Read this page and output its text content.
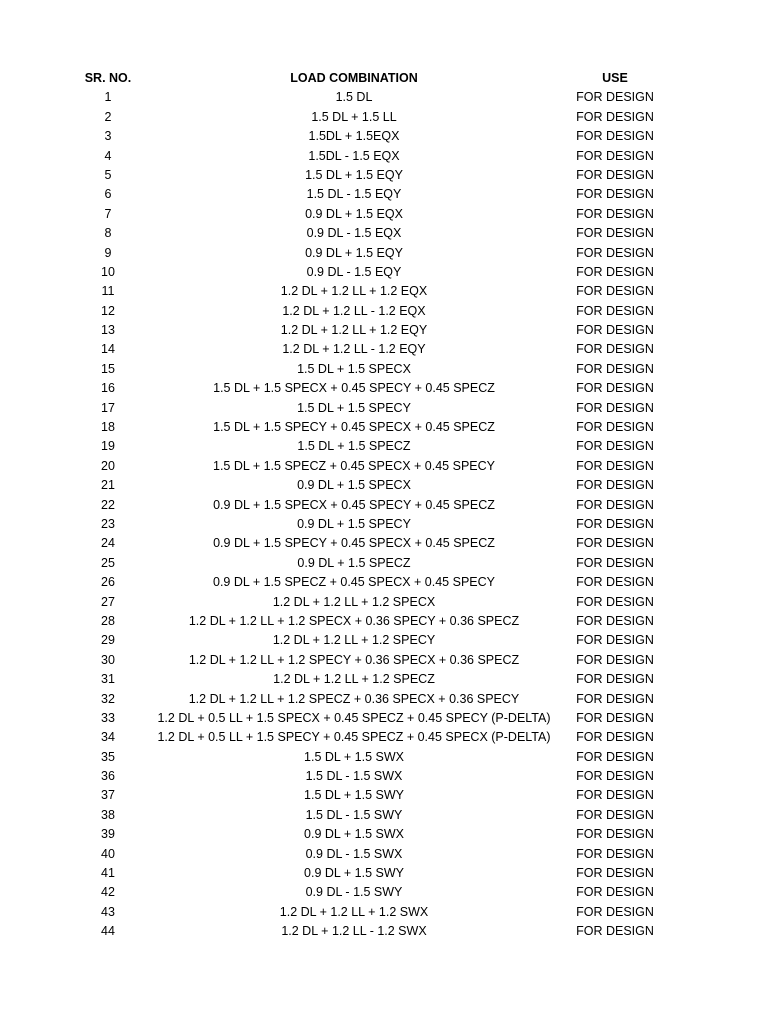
SR. NO.	LOAD COMBINATION	USE
1	1.5 DL	FOR DESIGN
2	1.5 DL + 1.5 LL	FOR DESIGN
3	1.5DL + 1.5EQX	FOR DESIGN
4	1.5DL - 1.5 EQX	FOR DESIGN
5	1.5 DL + 1.5 EQY	FOR DESIGN
6	1.5 DL - 1.5 EQY	FOR DESIGN
7	0.9 DL + 1.5 EQX	FOR DESIGN
8	0.9 DL - 1.5 EQX	FOR DESIGN
9	0.9 DL + 1.5 EQY	FOR DESIGN
10	0.9 DL - 1.5 EQY	FOR DESIGN
11	1.2 DL + 1.2 LL + 1.2 EQX	FOR DESIGN
12	1.2 DL + 1.2 LL - 1.2 EQX	FOR DESIGN
13	1.2 DL + 1.2 LL + 1.2 EQY	FOR DESIGN
14	1.2 DL + 1.2 LL - 1.2 EQY	FOR DESIGN
15	1.5 DL + 1.5 SPECX	FOR DESIGN
16	1.5 DL + 1.5 SPECX + 0.45 SPECY + 0.45 SPECZ	FOR DESIGN
17	1.5 DL + 1.5 SPECY	FOR DESIGN
18	1.5 DL + 1.5 SPECY + 0.45 SPECX + 0.45 SPECZ	FOR DESIGN
19	1.5 DL + 1.5 SPECZ	FOR DESIGN
20	1.5 DL + 1.5 SPECZ + 0.45 SPECX + 0.45 SPECY	FOR DESIGN
21	0.9 DL + 1.5 SPECX	FOR DESIGN
22	0.9 DL + 1.5 SPECX + 0.45 SPECY + 0.45 SPECZ	FOR DESIGN
23	0.9 DL + 1.5 SPECY	FOR DESIGN
24	0.9 DL + 1.5 SPECY + 0.45 SPECX + 0.45 SPECZ	FOR DESIGN
25	0.9 DL + 1.5 SPECZ	FOR DESIGN
26	0.9 DL + 1.5 SPECZ + 0.45 SPECX + 0.45 SPECY	FOR DESIGN
27	1.2 DL + 1.2 LL + 1.2 SPECX	FOR DESIGN
28	1.2 DL + 1.2 LL + 1.2 SPECX + 0.36 SPECY + 0.36 SPECZ	FOR DESIGN
29	1.2 DL + 1.2 LL + 1.2 SPECY	FOR DESIGN
30	1.2 DL + 1.2 LL + 1.2 SPECY + 0.36 SPECX + 0.36 SPECZ	FOR DESIGN
31	1.2 DL + 1.2 LL + 1.2 SPECZ	FOR DESIGN
32	1.2 DL + 1.2 LL + 1.2 SPECZ + 0.36 SPECX + 0.36 SPECY	FOR DESIGN
33	1.2 DL + 0.5 LL + 1.5 SPECX + 0.45 SPECZ + 0.45 SPECY (P-DELTA)	FOR DESIGN
34	1.2 DL + 0.5 LL + 1.5 SPECY + 0.45 SPECZ + 0.45 SPECX (P-DELTA)	FOR DESIGN
35	1.5 DL + 1.5 SWX	FOR DESIGN
36	1.5 DL - 1.5 SWX	FOR DESIGN
37	1.5 DL + 1.5 SWY	FOR DESIGN
38	1.5 DL - 1.5 SWY	FOR DESIGN
39	0.9 DL + 1.5 SWX	FOR DESIGN
40	0.9 DL - 1.5 SWX	FOR DESIGN
41	0.9 DL + 1.5 SWY	FOR DESIGN
42	0.9 DL - 1.5 SWY	FOR DESIGN
43	1.2 DL + 1.2 LL + 1.2 SWX	FOR DESIGN
44	1.2 DL + 1.2 LL - 1.2 SWX	FOR DESIGN
